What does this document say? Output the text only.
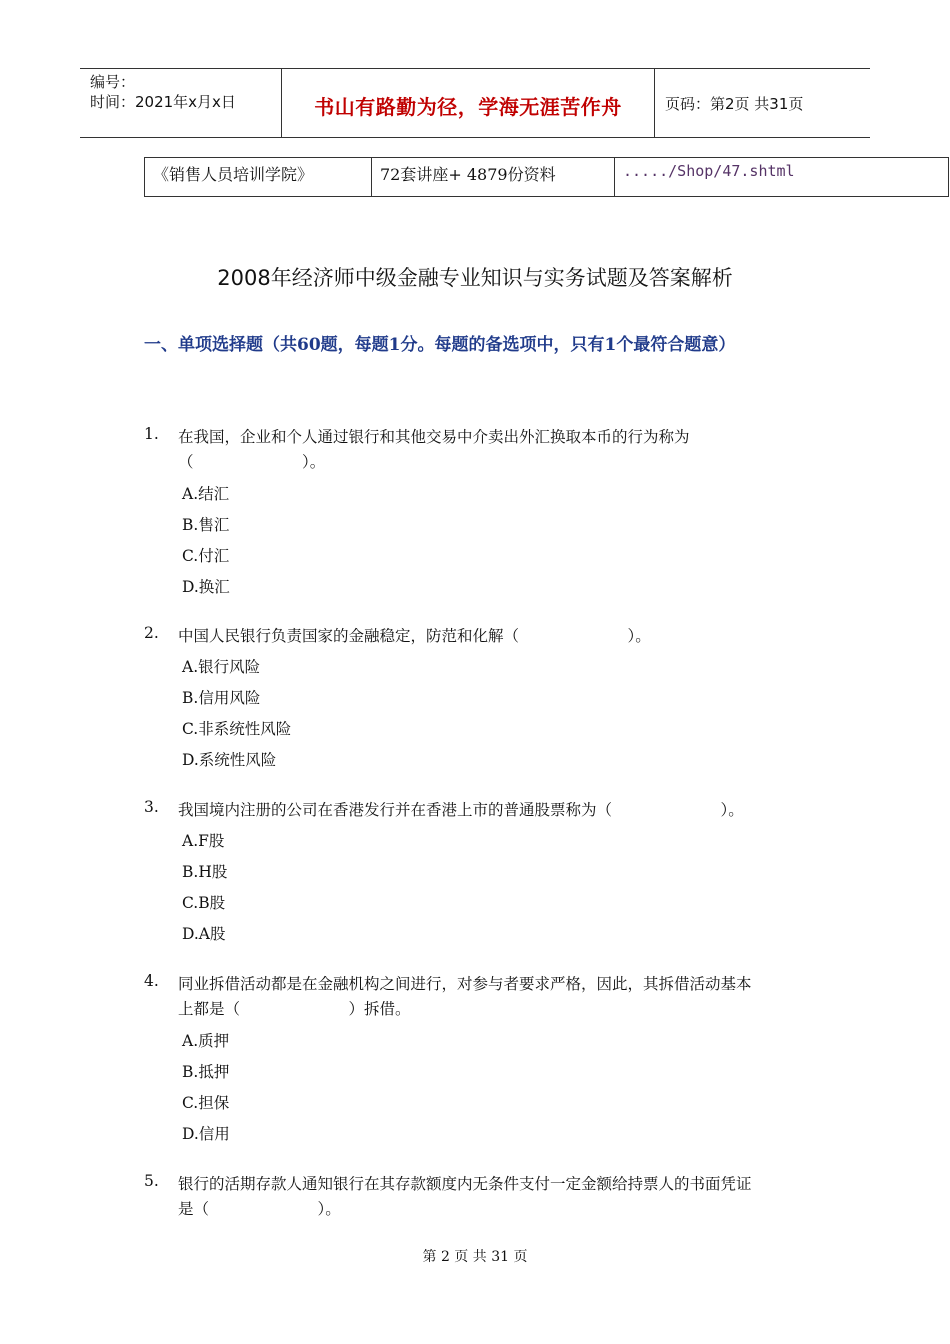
编号：
时间：2021年x月x日	书山有路勤为径，学海无涯苦作舟	页码：第2页 共31页
《销售人员培训学院》	72套讲座+ 4879份资料	...../Shop/47.shtml
2008年经济师中级金融专业知识与实务试题及答案解析
一、单项选择题（共60题，每题1分。每题的备选项中，只有1个最符合题意）
1. 在我国，企业和个人通过银行和其他交易中介卖出外汇换取本币的行为称为
（　　　　　　　）。
A.结汇
B.售汇
C.付汇
D.换汇
2. 中国人民银行负责国家的金融稳定，防范和化解（　　　　　　　）。
A.银行风险
B.信用风险
C.非系统性风险
D.系统性风险
3. 我国境内注册的公司在香港发行并在香港上市的普通股票称为（　　　　　　　）。
A.F股
B.H股
C.B股
D.A股
4. 同业拆借活动都是在金融机构之间进行，对参与者要求严格，因此，其拆借活动基本
上都是（　　　　　　　）拆借。
A.质押
B.抵押
C.担保
D.信用
5. 银行的活期存款人通知银行在其存款额度内无条件支付一定金额给持票人的书面凭证
是（　　　　　　　）。
第 2 页 共 31 页
